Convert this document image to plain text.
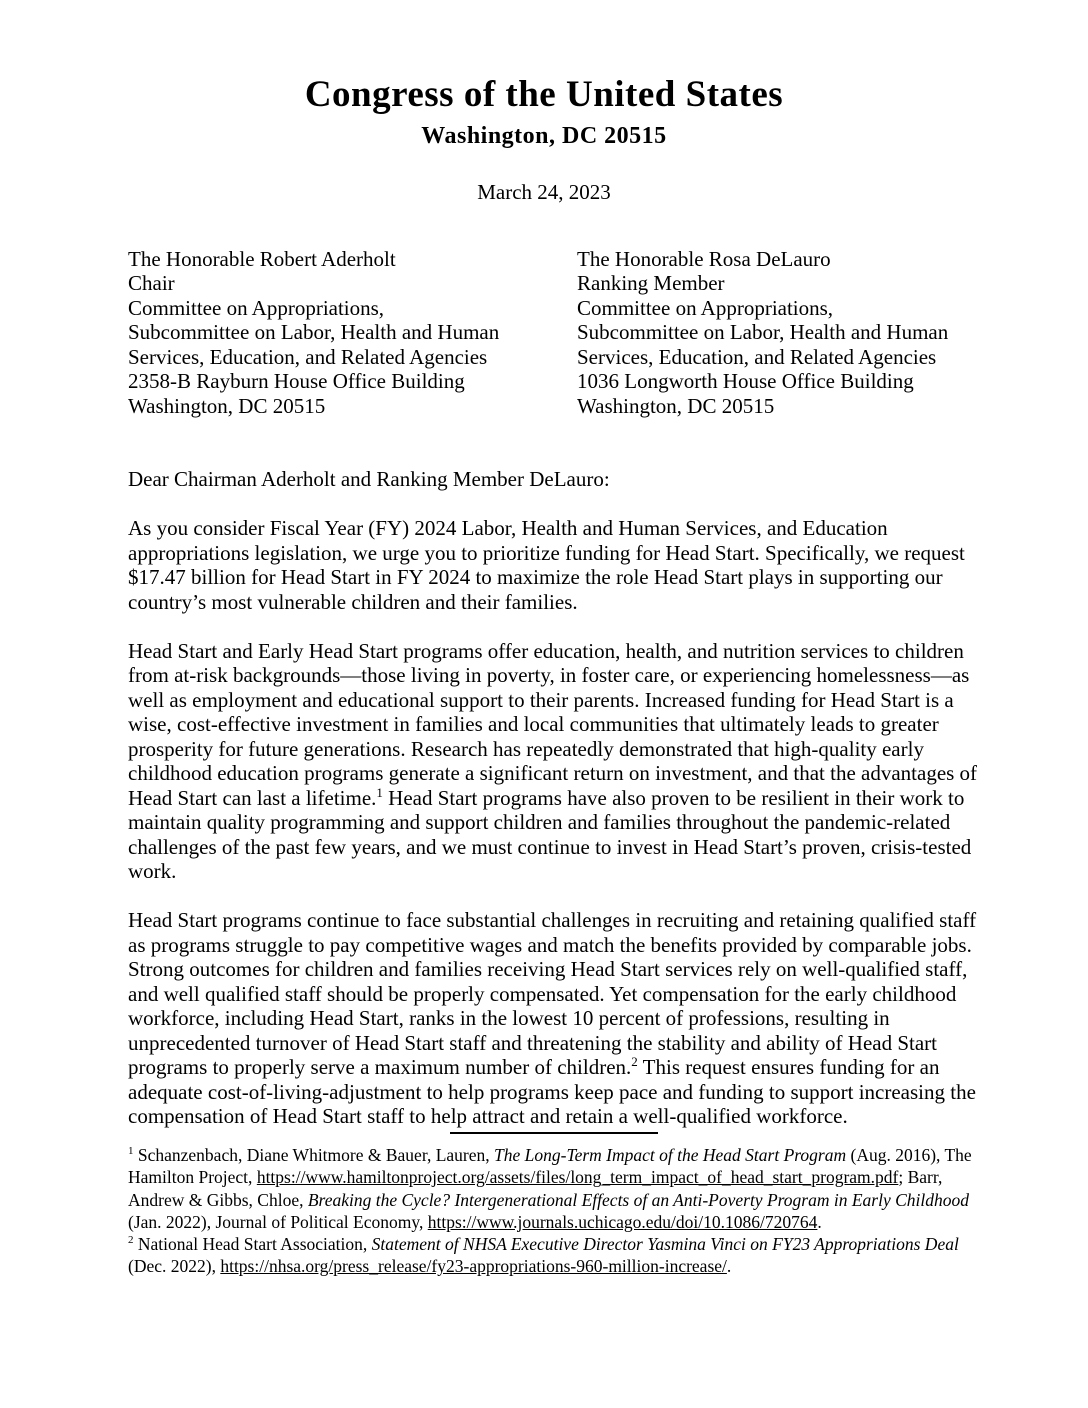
Congress of the United States
Washington, DC 20515
March 24, 2023
The Honorable Robert Aderholt
Chair
Committee on Appropriations,
Subcommittee on Labor, Health and Human
Services, Education, and Related Agencies
2358-B Rayburn House Office Building
Washington, DC 20515
The Honorable Rosa DeLauro
Ranking Member
Committee on Appropriations,
Subcommittee on Labor, Health and Human
Services, Education, and Related Agencies
1036 Longworth House Office Building
Washington, DC 20515

Dear Chairman Aderholt and Ranking Member DeLauro:

As you consider Fiscal Year (FY) 2024 Labor, Health and Human Services, and Education appropriations legislation, we urge you to prioritize funding for Head Start. Specifically, we request $17.47 billion for Head Start in FY 2024 to maximize the role Head Start plays in supporting our country’s most vulnerable children and their families.

Head Start and Early Head Start programs offer education, health, and nutrition services to children from at-risk backgrounds—those living in poverty, in foster care, or experiencing homelessness—as well as employment and educational support to their parents. Increased funding for Head Start is a wise, cost-effective investment in families and local communities that ultimately leads to greater prosperity for future generations. Research has repeatedly demonstrated that high-quality early childhood education programs generate a significant return on investment, and that the advantages of Head Start can last a lifetime.$^1$ Head Start programs have also proven to be resilient in their work to maintain quality programming and support children and families throughout the pandemic-related challenges of the past few years, and we must continue to invest in Head Start’s proven, crisis-tested work.

Head Start programs continue to face substantial challenges in recruiting and retaining qualified staff as programs struggle to pay competitive wages and match the benefits provided by comparable jobs. Strong outcomes for children and families receiving Head Start services rely on well-qualified staff, and well qualified staff should be properly compensated. Yet compensation for the early childhood workforce, including Head Start, ranks in the lowest 10 percent of professions, resulting in unprecedented turnover of Head Start staff and threatening the stability and ability of Head Start programs to properly serve a maximum number of children.$^2$ This request ensures funding for an adequate cost-of-living-adjustment to help programs keep pace and funding to support increasing the compensation of Head Start staff to help attract and retain a well-qualified workforce.

$^1$ Schanzenbach, Diane Whitmore & Bauer, Lauren, The Long-Term Impact of the Head Start Program (Aug. 2016), The Hamilton Project, https://www.hamiltonproject.org/assets/files/long_term_impact_of_head_start_program.pdf; Barr, Andrew & Gibbs, Chloe, Breaking the Cycle? Intergenerational Effects of an Anti-Poverty Program in Early Childhood (Jan. 2022), Journal of Political Economy, https://www.journals.uchicago.edu/doi/10.1086/720764.

$^2$ National Head Start Association, Statement of NHSA Executive Director Yasmina Vinci on FY23 Appropriations Deal (Dec. 2022), https://nhsa.org/press_release/fy23-appropriations-960-million-increase/.
